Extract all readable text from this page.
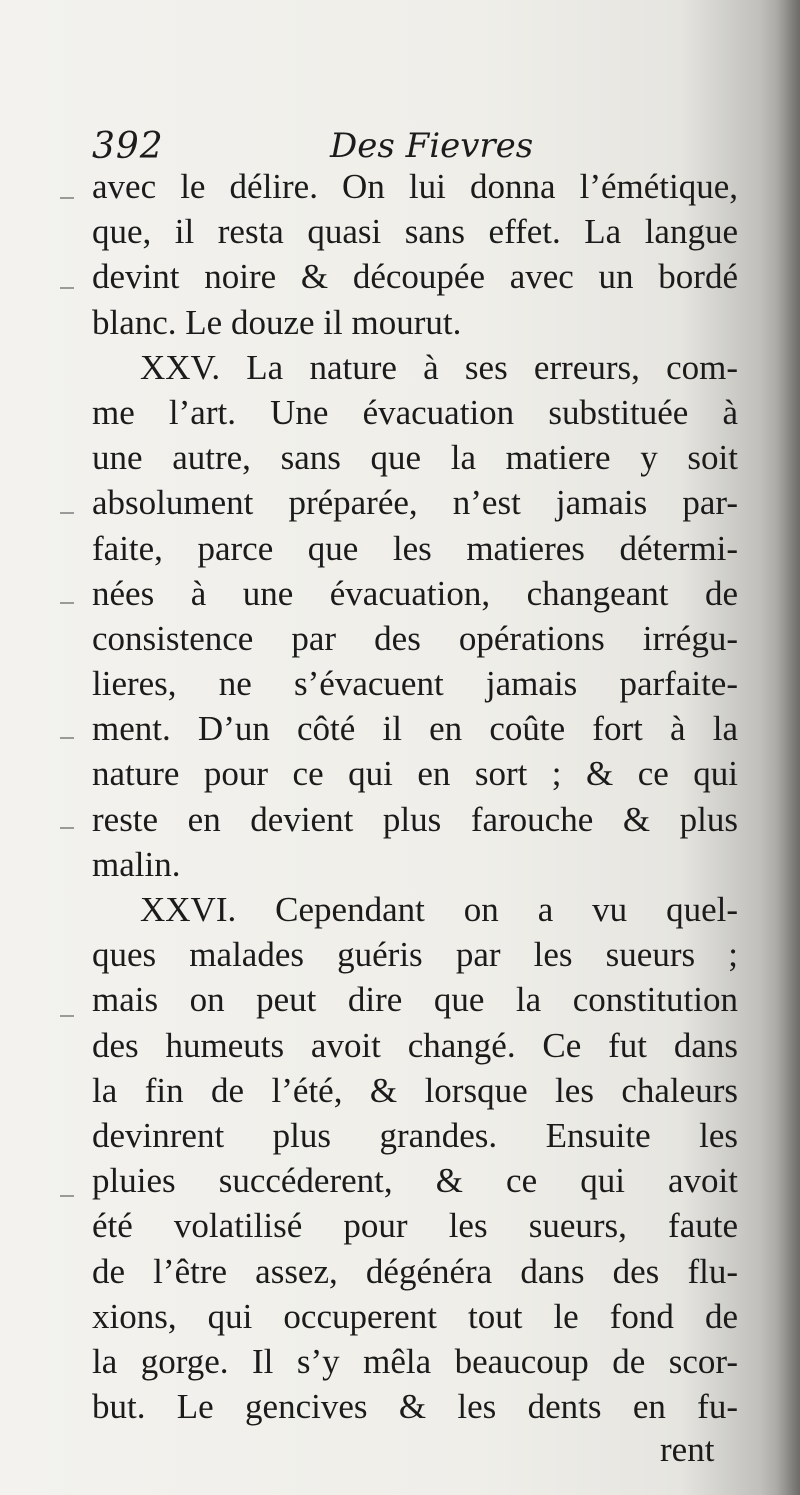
392	Des Fievres
avec le délire. On lui donna l’émétique,
que, il resta quasi sans effet. La langue
devint noire & découpée avec un bordé
blanc. Le douze il mourut.
XXV. La nature à ses erreurs, com-
me l’art. Une évacuation substituée à
une autre, sans que la matiere y soit
absolument préparée, n’est jamais par-
faite, parce que les matieres détermi-
nées à une évacuation, changeant de
consistence par des opérations irrégu-
lieres, ne s’évacuent jamais parfaite-
ment. D’un côté il en coûte fort à la
nature pour ce qui en sort ; & ce qui
reste en devient plus farouche & plus
malin.
XXVI. Cependant on a vu quel-
ques malades guéris par les sueurs ;
mais on peut dire que la constitution
des humeuts avoit changé. Ce fut dans
la fin de l’été, & lorsque les chaleurs
devinrent plus grandes. Ensuite les
pluies succéderent, & ce qui avoit
été volatilisé pour les sueurs, faute
de l’être assez, dégénéra dans des flu-
xions, qui occuperent tout le fond de
la gorge. Il s’y mêla beaucoup de scor-
but. Le gencives & les dents en fu-
rent
